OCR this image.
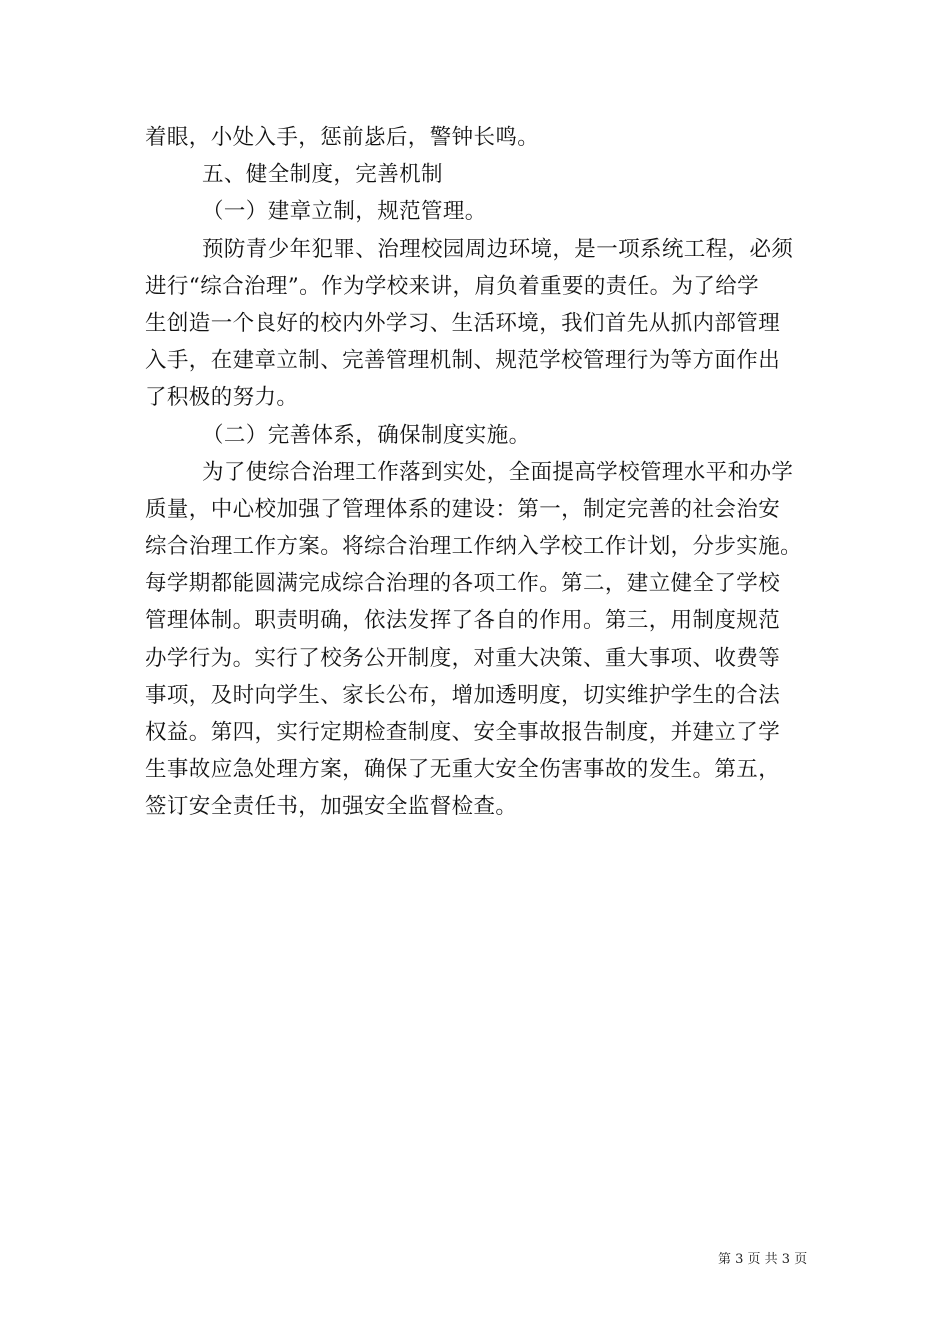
着眼，小处入手，惩前毖后，警钟长鸣。
五、健全制度，完善机制
（一）建章立制，规范管理。
预防青少年犯罪、治理校园周边环境，是一项系统工程，必须
进行“综合治理”。作为学校来讲，肩负着重要的责任。为了给学
生创造一个良好的校内外学习、生活环境，我们首先从抓内部管理
入手，在建章立制、完善管理机制、规范学校管理行为等方面作出
了积极的努力。
（二）完善体系，确保制度实施。
为了使综合治理工作落到实处，全面提高学校管理水平和办学
质量，中心校加强了管理体系的建设：第一，制定完善的社会治安
综合治理工作方案。将综合治理工作纳入学校工作计划，分步实施。
每学期都能圆满完成综合治理的各项工作。第二，建立健全了学校
管理体制。职责明确，依法发挥了各自的作用。第三，用制度规范
办学行为。实行了校务公开制度，对重大决策、重大事项、收费等
事项，及时向学生、家长公布，增加透明度，切实维护学生的合法
权益。第四，实行定期检查制度、安全事故报告制度，并建立了学
生事故应急处理方案，确保了无重大安全伤害事故的发生。第五，
签订安全责任书，加强安全监督检查。
第 3 页 共 3 页
